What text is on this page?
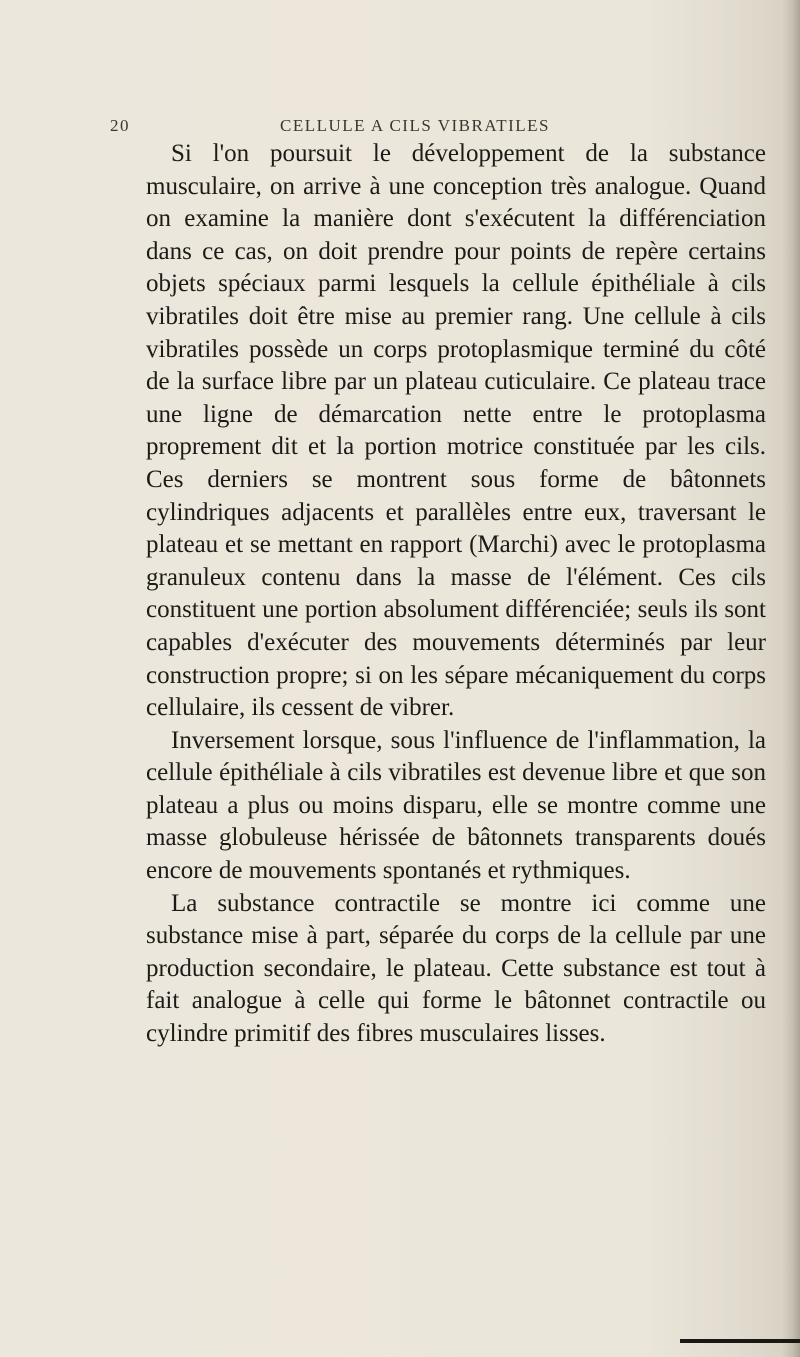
20	CELLULE A CILS VIBRATILES

Si l'on poursuit le développement de la substance musculaire, on arrive à une conception très analogue. Quand on examine la manière dont s'exécutent la différenciation dans ce cas, on doit prendre pour points de repère certains objets spéciaux parmi lesquels la cellule épithéliale à cils vibratiles doit être mise au premier rang. Une cellule à cils vibratiles possède un corps protoplasmique terminé du côté de la surface libre par un plateau cuticulaire. Ce plateau trace une ligne de démarcation nette entre le protoplasma proprement dit et la portion motrice constituée par les cils. Ces derniers se montrent sous forme de bâtonnets cylindriques adjacents et parallèles entre eux, traversant le plateau et se mettant en rapport (Marchi) avec le protoplasma granuleux contenu dans la masse de l'élément. Ces cils constituent une portion absolument différenciée; seuls ils sont capables d'exécuter des mouvements déterminés par leur construction propre; si on les sépare mécaniquement du corps cellulaire, ils cessent de vibrer.

Inversement lorsque, sous l'influence de l'inflammation, la cellule épithéliale à cils vibratiles est devenue libre et que son plateau a plus ou moins disparu, elle se montre comme une masse globuleuse hérissée de bâtonnets transparents doués encore de mouvements spontanés et rythmiques.

La substance contractile se montre ici comme une substance mise à part, séparée du corps de la cellule par une production secondaire, le plateau. Cette substance est tout à fait analogue à celle qui forme le bâtonnet contractile ou cylindre primitif des fibres musculaires lisses.
